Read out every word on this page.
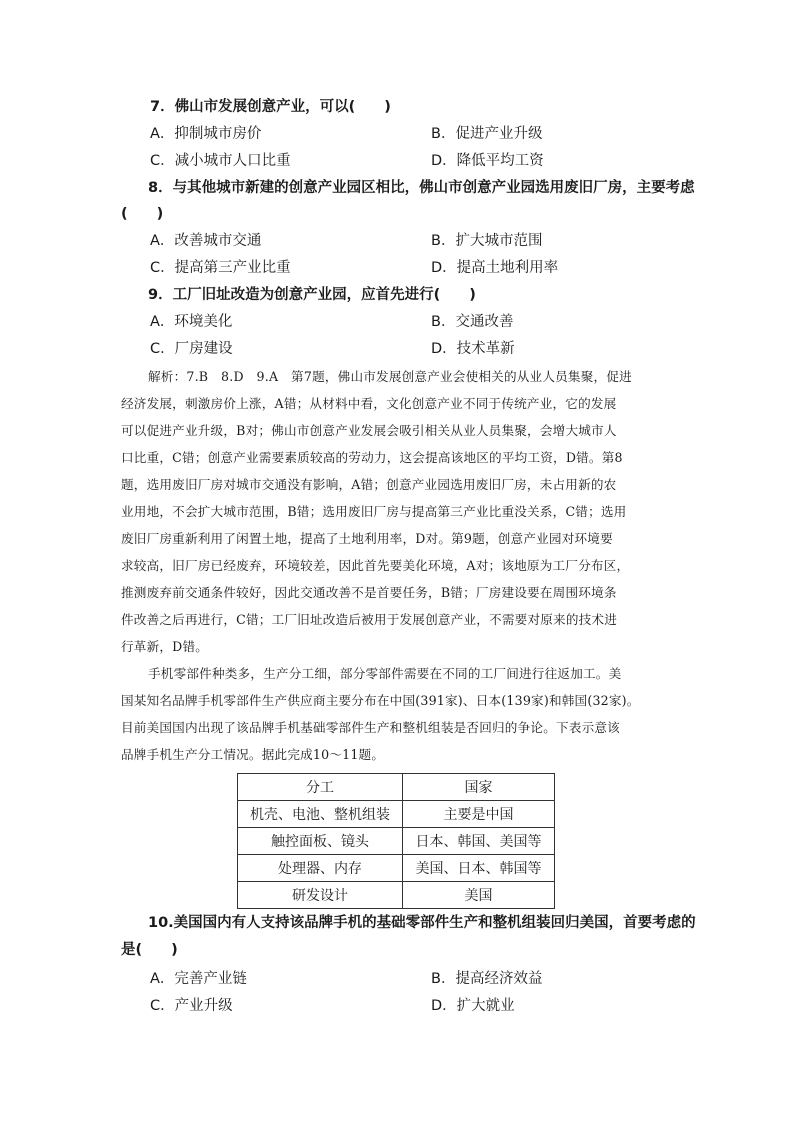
7．佛山市发展创意产业，可以(　　)
A．抑制城市房价	B．促进产业升级
C．减小城市人口比重	D．降低平均工资
8．与其他城市新建的创意产业园区相比，佛山市创意产业园选用废旧厂房，主要考虑
(　　)
A．改善城市交通	B．扩大城市范围
C．提高第三产业比重	D．提高土地利用率
9．工厂旧址改造为创意产业园，应首先进行(　　)
A．环境美化	B．交通改善
C．厂房建设	D．技术革新
解析：7.B　8.D　9.A　第7题，佛山市发展创意产业会使相关的从业人员集聚，促进
经济发展，刺激房价上涨，A错；从材料中看，文化创意产业不同于传统产业，它的发展
可以促进产业升级，B对；佛山市创意产业发展会吸引相关从业人员集聚，会增大城市人
口比重，C错；创意产业需要素质较高的劳动力，这会提高该地区的平均工资，D错。第8
题，选用废旧厂房对城市交通没有影响，A错；创意产业园选用废旧厂房，未占用新的农
业用地，不会扩大城市范围，B错；选用废旧厂房与提高第三产业比重没关系，C错；选用
废旧厂房重新利用了闲置土地，提高了土地利用率，D对。第9题，创意产业园对环境要
求较高，旧厂房已经废弃，环境较差，因此首先要美化环境，A对；该地原为工厂分布区，
推测废弃前交通条件较好，因此交通改善不是首要任务，B错；厂房建设要在周围环境条
件改善之后再进行，C错；工厂旧址改造后被用于发展创意产业，不需要对原来的技术进
行革新，D错。
手机零部件种类多，生产分工细，部分零部件需要在不同的工厂间进行往返加工。美
国某知名品牌手机零部件生产供应商主要分布在中国(391家)、日本(139家)和韩国(32家)。
目前美国国内出现了该品牌手机基础零部件生产和整机组装是否回归的争论。下表示意该
品牌手机生产分工情况。据此完成10～11题。
分工	国家
机壳、电池、整机组装	主要是中国
触控面板、镜头	日本、韩国、美国等
处理器、内存	美国、日本、韩国等
研发设计	美国
10.美国国内有人支持该品牌手机的基础零部件生产和整机组装回归美国，首要考虑的
是(　　)
A．完善产业链	B．提高经济效益
C．产业升级	D．扩大就业
